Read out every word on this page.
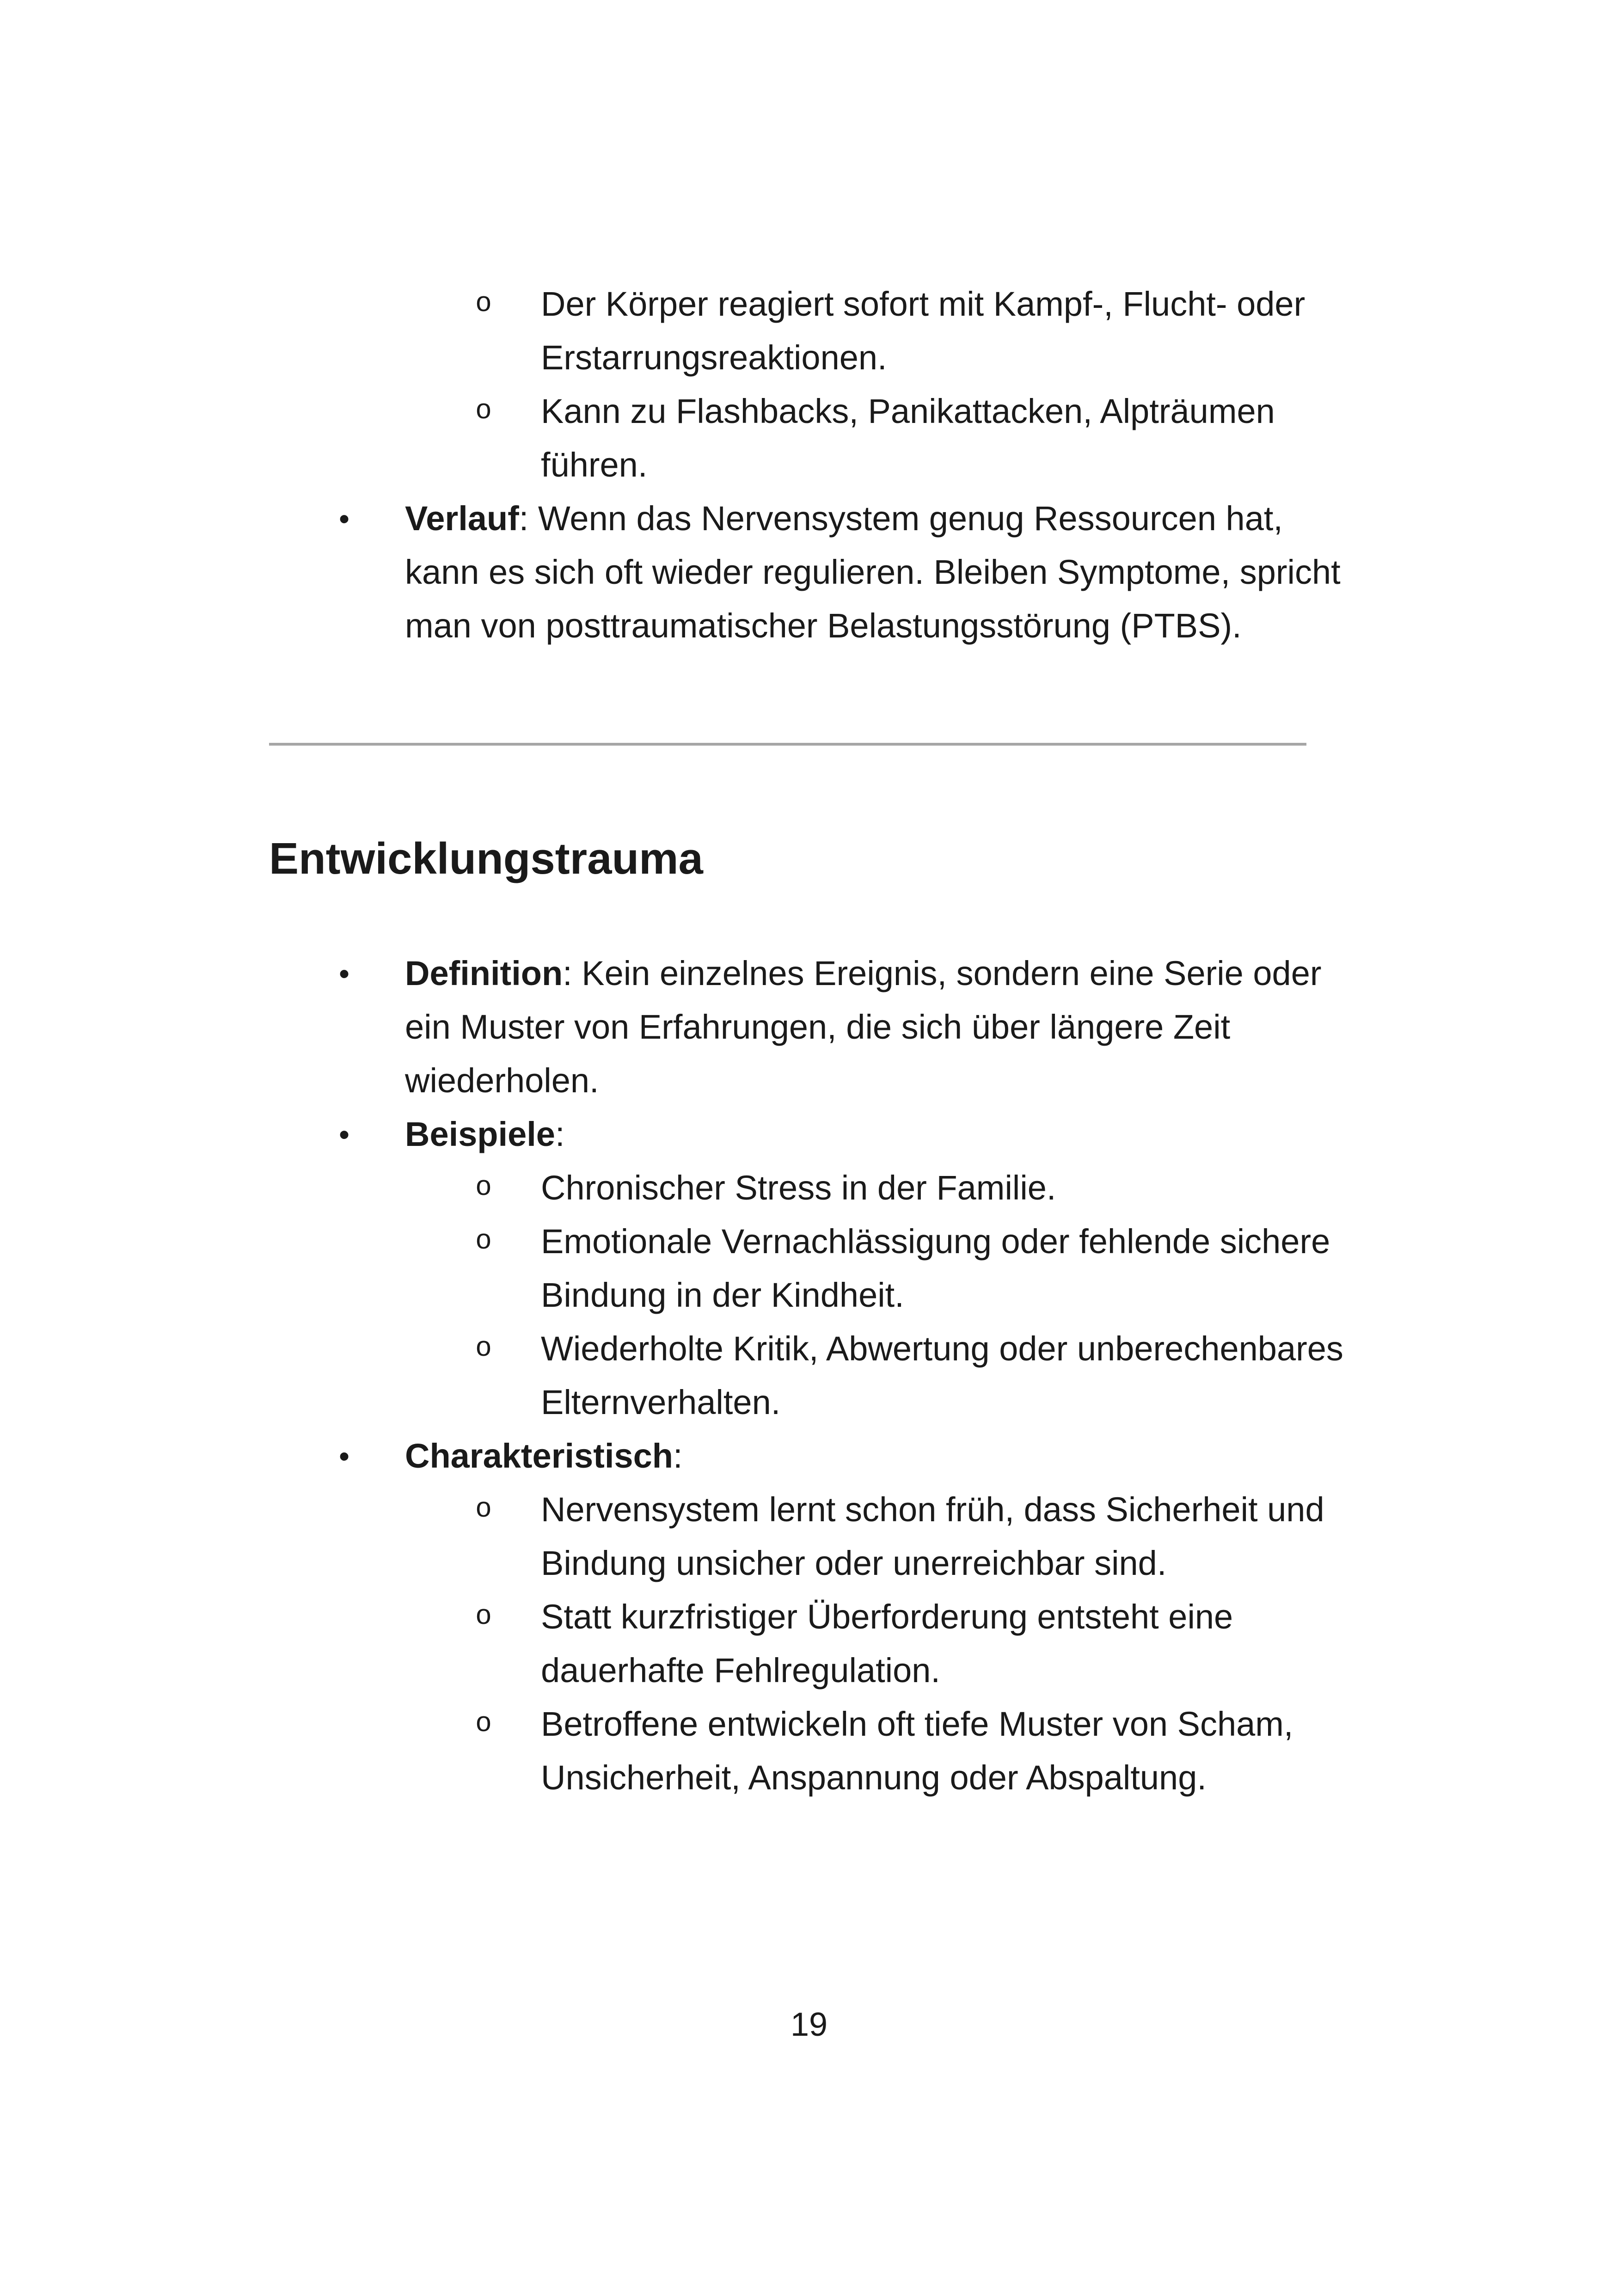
o	Der Körper reagiert sofort mit Kampf-, Flucht- oder Erstarrungsreaktionen.
o	Kann zu Flashbacks, Panikattacken, Alpträumen führen.
•	Verlauf: Wenn das Nervensystem genug Ressourcen hat, kann es sich oft wieder regulieren. Bleiben Symptome, spricht man von posttraumatischer Belastungsstörung (PTBS).
Entwicklungstrauma
•	Definition: Kein einzelnes Ereignis, sondern eine Serie oder ein Muster von Erfahrungen, die sich über längere Zeit wiederholen.
•	Beispiele:
o	Chronischer Stress in der Familie.
o	Emotionale Vernachlässigung oder fehlende sichere Bindung in der Kindheit.
o	Wiederholte Kritik, Abwertung oder unberechenbares Elternverhalten.
•	Charakteristisch:
o	Nervensystem lernt schon früh, dass Sicherheit und Bindung unsicher oder unerreichbar sind.
o	Statt kurzfristiger Überforderung entsteht eine dauerhafte Fehlregulation.
o	Betroffene entwickeln oft tiefe Muster von Scham, Unsicherheit, Anspannung oder Abspaltung.
19
